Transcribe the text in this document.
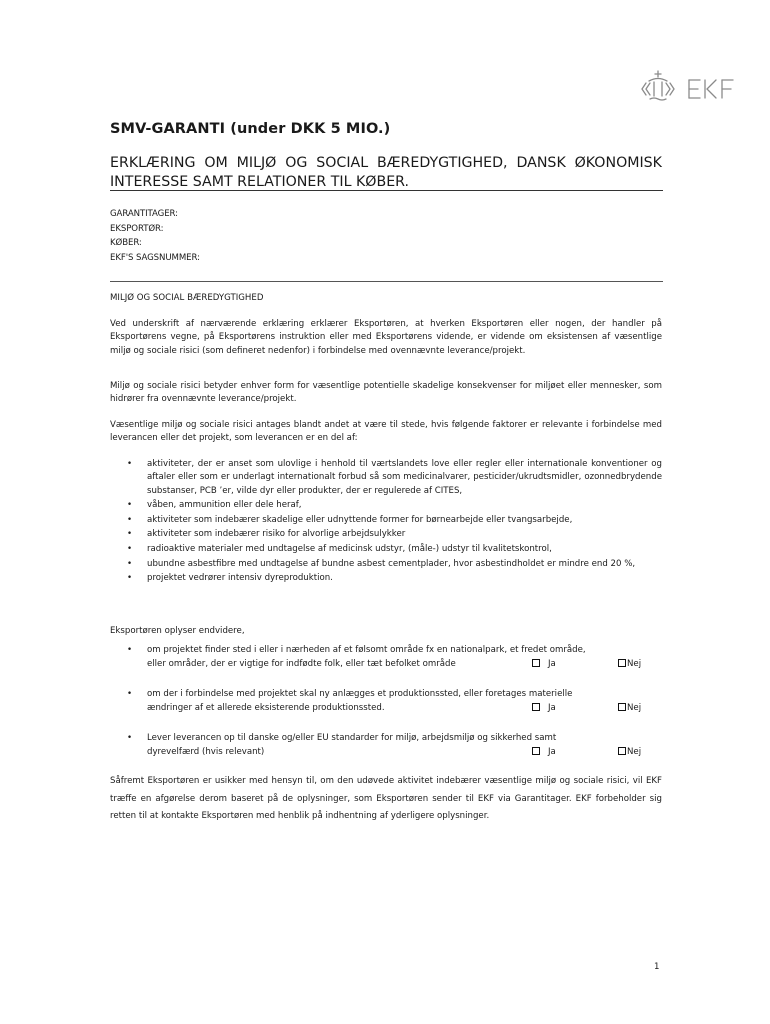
SMV-GARANTI (under DKK 5 MIO.)
ERKLÆRING OM MILJØ OG SOCIAL BÆREDYGTIGHED, DANSK ØKONOMISK INTERESSE SAMT RELATIONER TIL KØBER.
GARANTITAGER:
EKSPORTØR:
KØBER:
EKF'S SAGSNUMMER:
MILJØ OG SOCIAL BÆREDYGTIGHED
Ved underskrift af nærværende erklæring erklærer Eksportøren, at hverken Eksportøren eller nogen, der handler på Eksportørens vegne, på Eksportørens instruktion eller med Eksportørens vidende, er vidende om eksistensen af væsentlige miljø og sociale risici (som defineret nedenfor) i forbindelse med ovennævnte leverance/projekt.
Miljø og sociale risici betyder enhver form for væsentlige potentielle skadelige konsekvenser for miljøet eller mennesker, som hidrører fra ovennævnte leverance/projekt.
Væsentlige miljø og sociale risici antages blandt andet at være til stede, hvis følgende faktorer er relevante i forbindelse med leverancen eller det projekt, som leverancen er en del af:
• aktiviteter, der er anset som ulovlige i henhold til værtslandets love eller regler eller internationale konventioner og aftaler eller som er underlagt internationalt forbud så som medicinalvarer, pesticider/ukrudtsmidler, ozonnedbrydende substanser, PCB ’er, vilde dyr eller produkter, der er regulerede af CITES,
• våben, ammunition eller dele heraf,
• aktiviteter som indebærer skadelige eller udnyttende former for børnearbejde eller tvangsarbejde,
• aktiviteter som indebærer risiko for alvorlige arbejdsulykker
• radioaktive materialer med undtagelse af medicinsk udstyr, (måle-) udstyr til kvalitetskontrol,
• ubundne asbestfibre med undtagelse af bundne asbest cementplader, hvor asbestindholdet er mindre end 20 %,
• projektet vedrører intensiv dyreproduktion.
Eksportøren oplyser endvidere,
• om projektet finder sted i eller i nærheden af et følsomt område fx en nationalpark, et fredet område,
eller områder, der er vigtige for indfødte folk, eller tæt befolket område	Ja	Nej
• om der i forbindelse med projektet skal ny anlægges et produktionssted, eller foretages materielle
ændringer af et allerede eksisterende produktionssted.	Ja	Nej
• Lever leverancen op til danske og/eller EU standarder for miljø, arbejdsmiljø og sikkerhed samt
dyrevelfærd (hvis relevant)	Ja	Nej
Såfremt Eksportøren er usikker med hensyn til, om den udøvede aktivitet indebærer væsentlige miljø og sociale risici, vil EKF træffe en afgørelse derom baseret på de oplysninger, som Eksportøren sender til EKF via Garantitager. EKF forbeholder sig retten til at kontakte Eksportøren med henblik på indhentning af yderligere oplysninger.
1
